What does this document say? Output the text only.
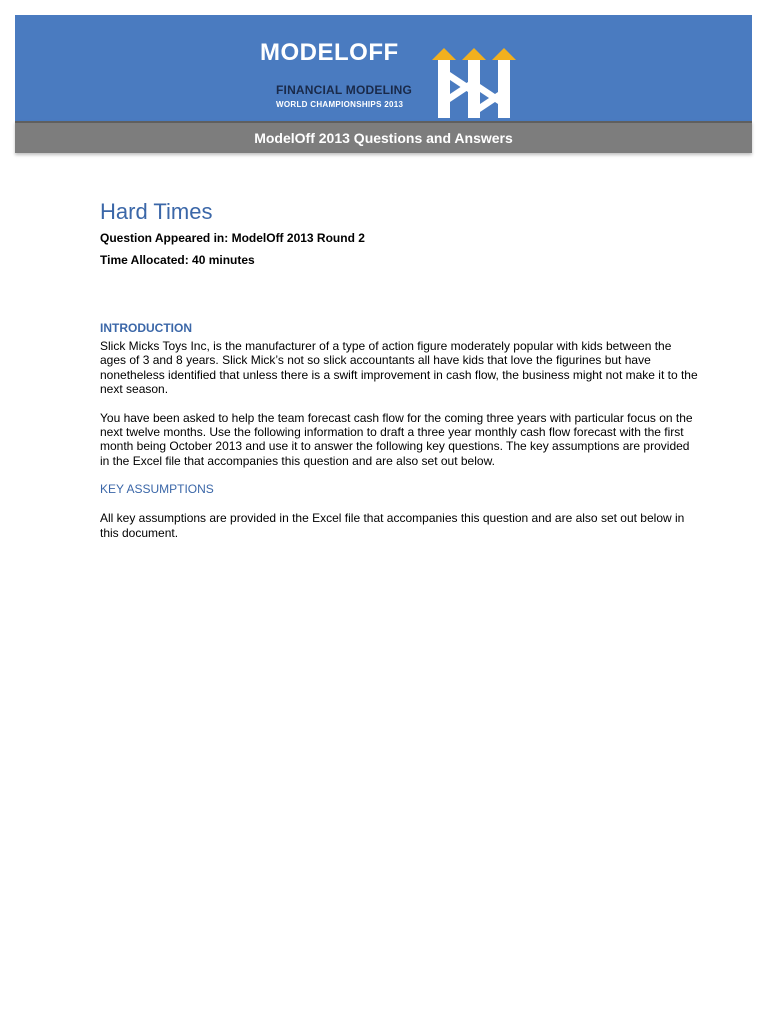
MODELOFF
FINANCIAL MODELING
WORLD CHAMPIONSHIPS 2013
ModelOff 2013 Questions and Answers
Hard Times

Question Appeared in: ModelOff 2013 Round 2

Time Allocated: 40 minutes

INTRODUCTION

Slick Micks Toys Inc, is the manufacturer of a type of action figure moderately popular with kids between the ages of 3 and 8 years. Slick Mick’s not so slick accountants all have kids that love the figurines but have nonetheless identified that unless there is a swift improvement in cash flow, the business might not make it to the next season.

You have been asked to help the team forecast cash flow for the coming three years with particular focus on the next twelve months. Use the following information to draft a three year monthly cash flow forecast with the first month being October 2013 and use it to answer the following key questions. The key assumptions are provided in the Excel file that accompanies this question and are also set out below.

KEY ASSUMPTIONS

All key assumptions are provided in the Excel file that accompanies this question and are also set out below in this document.
